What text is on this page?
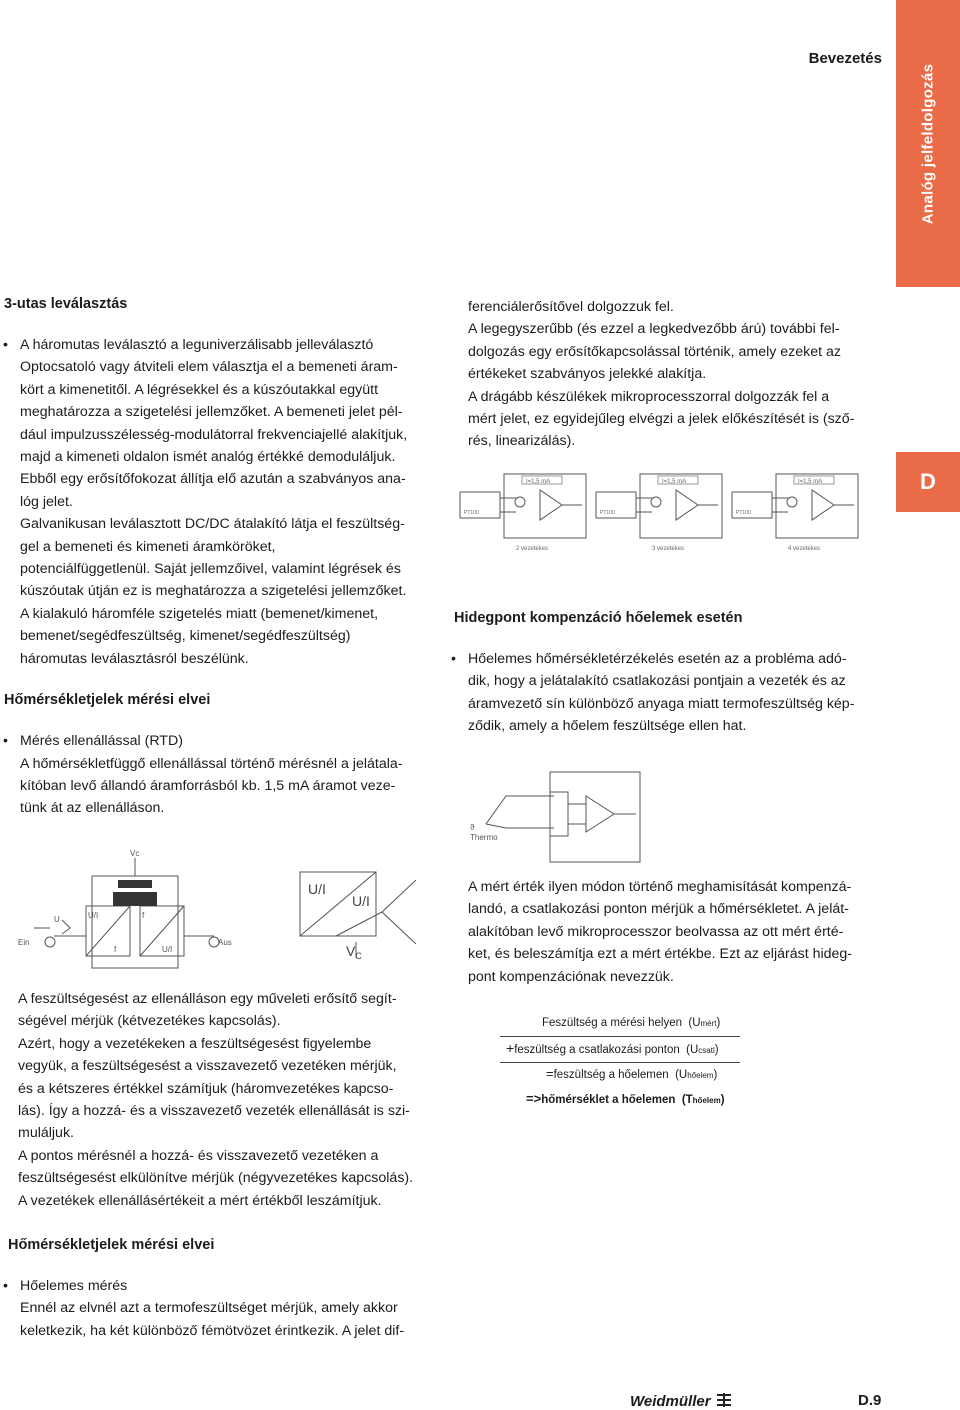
Bevezetés
Analóg jelfeldolgozás
D

3-utas leválasztás

• A háromutas leválasztó a leguniverzálisabb jelleválasztó
Optocsatoló vagy átviteli elem választja el a bemeneti áram-
kört a kimenetitől. A légrésekkel és a kúszóutakkal együtt
meghatározza a szigetelési jellemzőket. A bemeneti jelet pél-
dául impulzusszélesség-modulátorral frekvenciajellé alakítjuk,
majd a kimeneti oldalon ismét analóg értékké demoduláljuk.
Ebből egy erősítőfokozat állítja elő azután a szabványos ana-
lóg jelet.
Galvanikusan leválasztott DC/DC átalakító látja el feszültség-
gel a bemeneti és kimeneti áramköröket,
potenciálfüggetlenül. Saját jellemzőivel, valamint légrések és
kúszóutak útján ez is meghatározza a szigetelési jellemzőket.
A kialakuló háromféle szigetelés miatt (bemenet/kimenet,
bemenet/segédfeszültség, kimenet/segédfeszültség)
háromutas leválasztásról beszélünk.

Hőmérsékletjelek mérési elvei

• Mérés ellenállással (RTD)
A hőmérsékletfüggő ellenállással történő mérésnél a jelátala-
kítóban levő állandó áramforrásból kb. 1,5 mA áramot veze-
tünk át az ellenálláson.
Vc
Ein	Aus
U	U/I
f
f
U/I
U/I
U/I
$V_C$
A feszültségesést az ellenálláson egy műveleti erősítő segít-
ségével mérjük (kétvezetékes kapcsolás).
Azért, hogy a vezetékeken a feszültségesést figyelembe
vegyük, a feszültségesést a visszavezető vezetéken mérjük,
és a kétszeres értékkel számítjuk (háromvezetékes kapcso-
lás). Így a hozzá- és a visszavezető vezeték ellenállását is szi-
muláljuk.
A pontos mérésnél a hozzá- és visszavezető vezetéken a
feszültségesést elkülönítve mérjük (négyvezetékes kapcsolás).
A vezetékek ellenállásértékeit a mért értékből leszámítjuk.

Hőmérsékletjelek mérési elvei

• Hőelemes mérés
Ennél az elvnél azt a termofeszültséget mérjük, amely akkor
keletkezik, ha két különböző fémötvözet érintkezik. A jelet dif-
ferenciálerősítővel dolgozzuk fel.
A legegyszerűbb (és ezzel a legkedvezőbb árú) további fel-
dolgozás egy erősítőkapcsolással történik, amely ezeket az
értékeket szabványos jelekké alakítja.
A drágább készülékek mikroprocesszorral dolgozzák fel a
mért jelet, ez egyidejűleg elvégzi a jelek előkészítését is (sző-
rés, linearizálás).
I=1,5 mA
PT100
2 vezetékes
I=1,5 mA
PT100
3 vezetékes
I=1,5 mA
PT100
4 vezetékes

Hidegpont kompenzáció hőelemek esetén

• Hőelemes hőmérsékletérzékelés esetén az a probléma adó-
dik, hogy a jelátalakító csatlakozási pontjain a vezeték és az
áramvezető sín különböző anyaga miatt termofeszültség kép-
ződik, amely a hőelem feszültsége ellen hat.
ϑ
Thermo
A mért érték ilyen módon történő meghamisítását kompenzá-
landó, a csatlakozási ponton mérjük a hőmérsékletet. A jelát-
alakítóban levő mikroprocesszor beolvassa az ott mért érté-
ket, és beleszámítja ezt a mért értékbe. Ezt az eljárást hideg-
pont kompenzációnak nevezzük.
Feszültség a mérési helyen (Umért)
+feszültség a csatlakozási ponton (Ucsatl)
=feszültség a hőelemen (Uhőelem)
=>hőmérséklet a hőelemen (Thőelem)
Weidmüller	D.9
